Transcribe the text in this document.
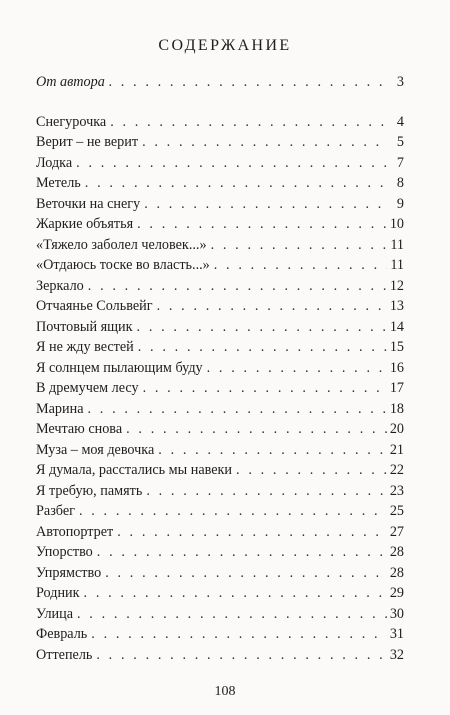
СОДЕРЖАНИЕ
От автора . . .	3
Снегурочка . . .	4
Верит – не верит . . .	5
Лодка . . .	7
Метель . . .	8
Веточки на снегу . . .	9
Жаркие объятья . . .	10
«Тяжело заболел человек...» . . .	11
«Отдаюсь тоске во власть...» . . .	11
Зеркало . . .	12
Отчаянье Сольвейг . . .	13
Почтовый ящик . . .	14
Я не жду вестей . . .	15
Я солнцем пылающим буду . . .	16
В дремучем лесу . . .	17
Марина . . .	18
Мечтаю снова . . .	20
Муза – моя девочка . . .	21
Я думала, расстались мы навеки . . .	22
Я требую, память . . .	23
Разбег . . .	25
Автопортрет . . .	27
Упорство . . .	28
Упрямство . . .	28
Родник . . .	29
Улица . . .	30
Февраль . . .	31
Оттепель . . .	32
108
